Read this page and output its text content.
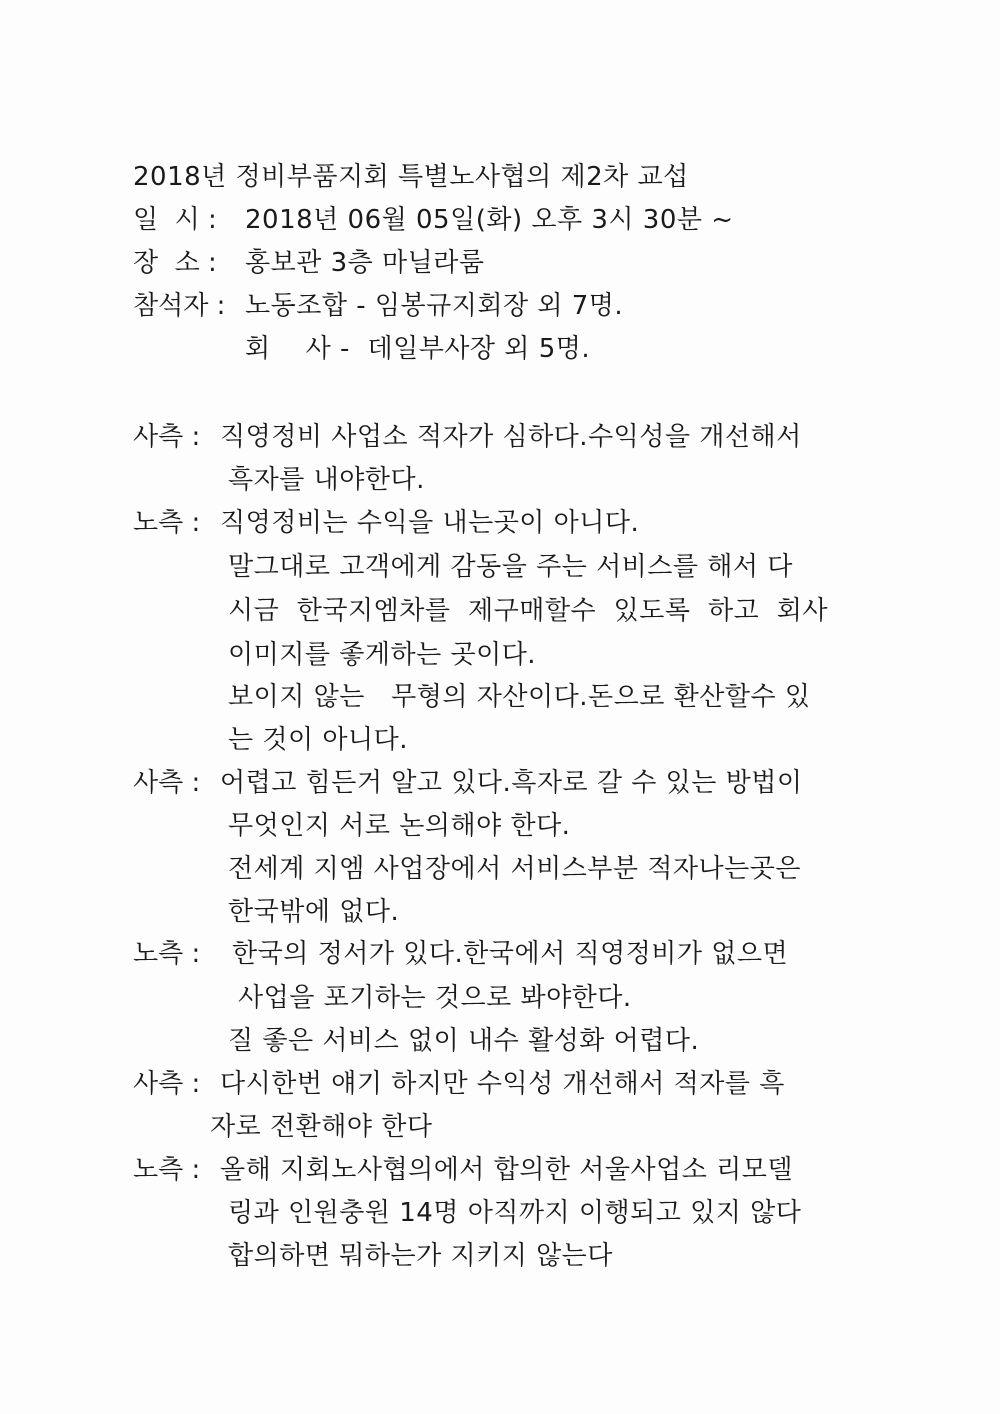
2018년 정비부품지회 특별노사협의 제2차 교섭
일  시 : 2018년 06월 05일(화) 오후 3시 30분 ~
장  소 : 홍보관 3층 마닐라룸
참석자 : 노동조합 - 임봉규지회장 외 7명.
회    사 -  데일부사장 외 5명.
사측 : 직영정비 사업소 적자가 심하다.수익성을 개선해서
흑자를 내야한다.
노측 : 직영정비는 수익을 내는곳이 아니다.
말그대로 고객에게 감동을 주는 서비스를 해서 다
시금  한국지엠차를  제구매할수  있도록  하고  회사
이미지를 좋게하는 곳이다.
보이지 않는   무형의 자산이다.돈으로 환산할수 있
는 것이 아니다.
사측 : 어렵고 힘든거 알고 있다.흑자로 갈 수 있는 방법이
무엇인지 서로 논의해야 한다.
전세계 지엠 사업장에서 서비스부분 적자나는곳은
한국밖에 없다.
노측 : 한국의 정서가 있다.한국에서 직영정비가 없으면
사업을 포기하는 것으로 봐야한다.
질 좋은 서비스 없이 내수 활성화 어렵다.
사측 : 다시한번 얘기 하지만 수익성 개선해서 적자를 흑
자로 전환해야 한다
노측 : 올해 지회노사협의에서 합의한 서울사업소 리모델
링과 인원충원 14명 아직까지 이행되고 있지 않다
합의하면 뭐하는가 지키지 않는다
